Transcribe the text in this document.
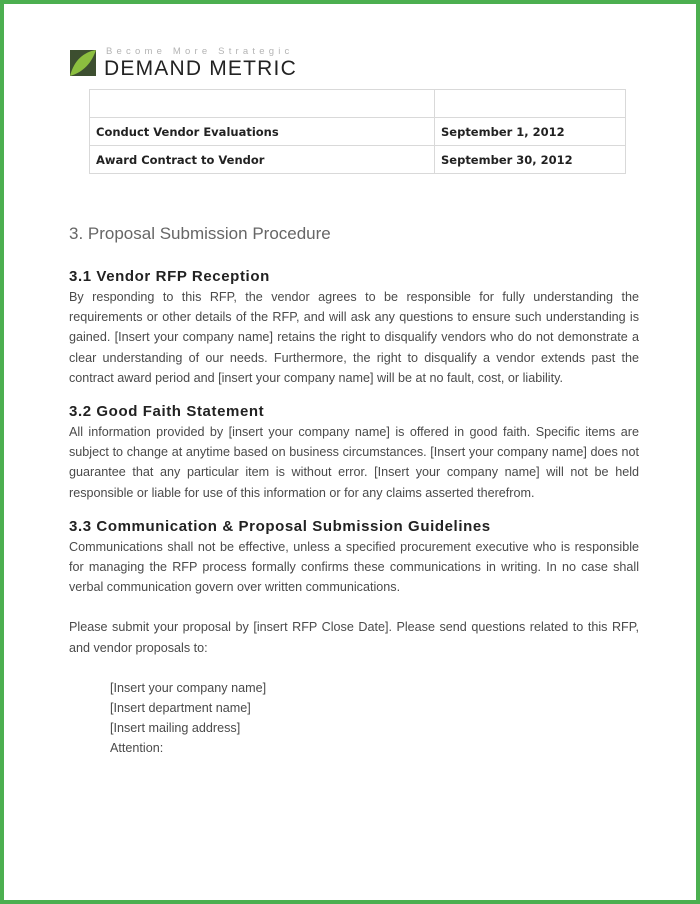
Become More Strategic
DEMAND METRIC

Conduct Vendor Evaluations	September 1, 2012
Award Contract to Vendor	September 30, 2012
3. Proposal Submission Procedure
3.1 Vendor RFP Reception

By responding to this RFP, the vendor agrees to be responsible for fully understanding the requirements or other details of the RFP, and will ask any questions to ensure such understanding is gained. [Insert your company name] retains the right to disqualify vendors who do not demonstrate a clear understanding of our needs. Furthermore, the right to disqualify a vendor extends past the contract award period and [insert your company name] will be at no fault, cost, or liability.

3.2 Good Faith Statement

All information provided by [insert your company name] is offered in good faith. Specific items are subject to change at anytime based on business circumstances. [Insert your company name] does not guarantee that any particular item is without error. [Insert your company name] will not be held responsible or liable for use of this information or for any claims asserted therefrom.

3.3 Communication & Proposal Submission Guidelines

Communications shall not be effective, unless a specified procurement executive who is responsible for managing the RFP process formally confirms these communications in writing. In no case shall verbal communication govern over written communications.

Please submit your proposal by [insert RFP Close Date]. Please send questions related to this RFP, and vendor proposals to:

[Insert your company name]
[Insert department name]
[Insert mailing address]
Attention:
